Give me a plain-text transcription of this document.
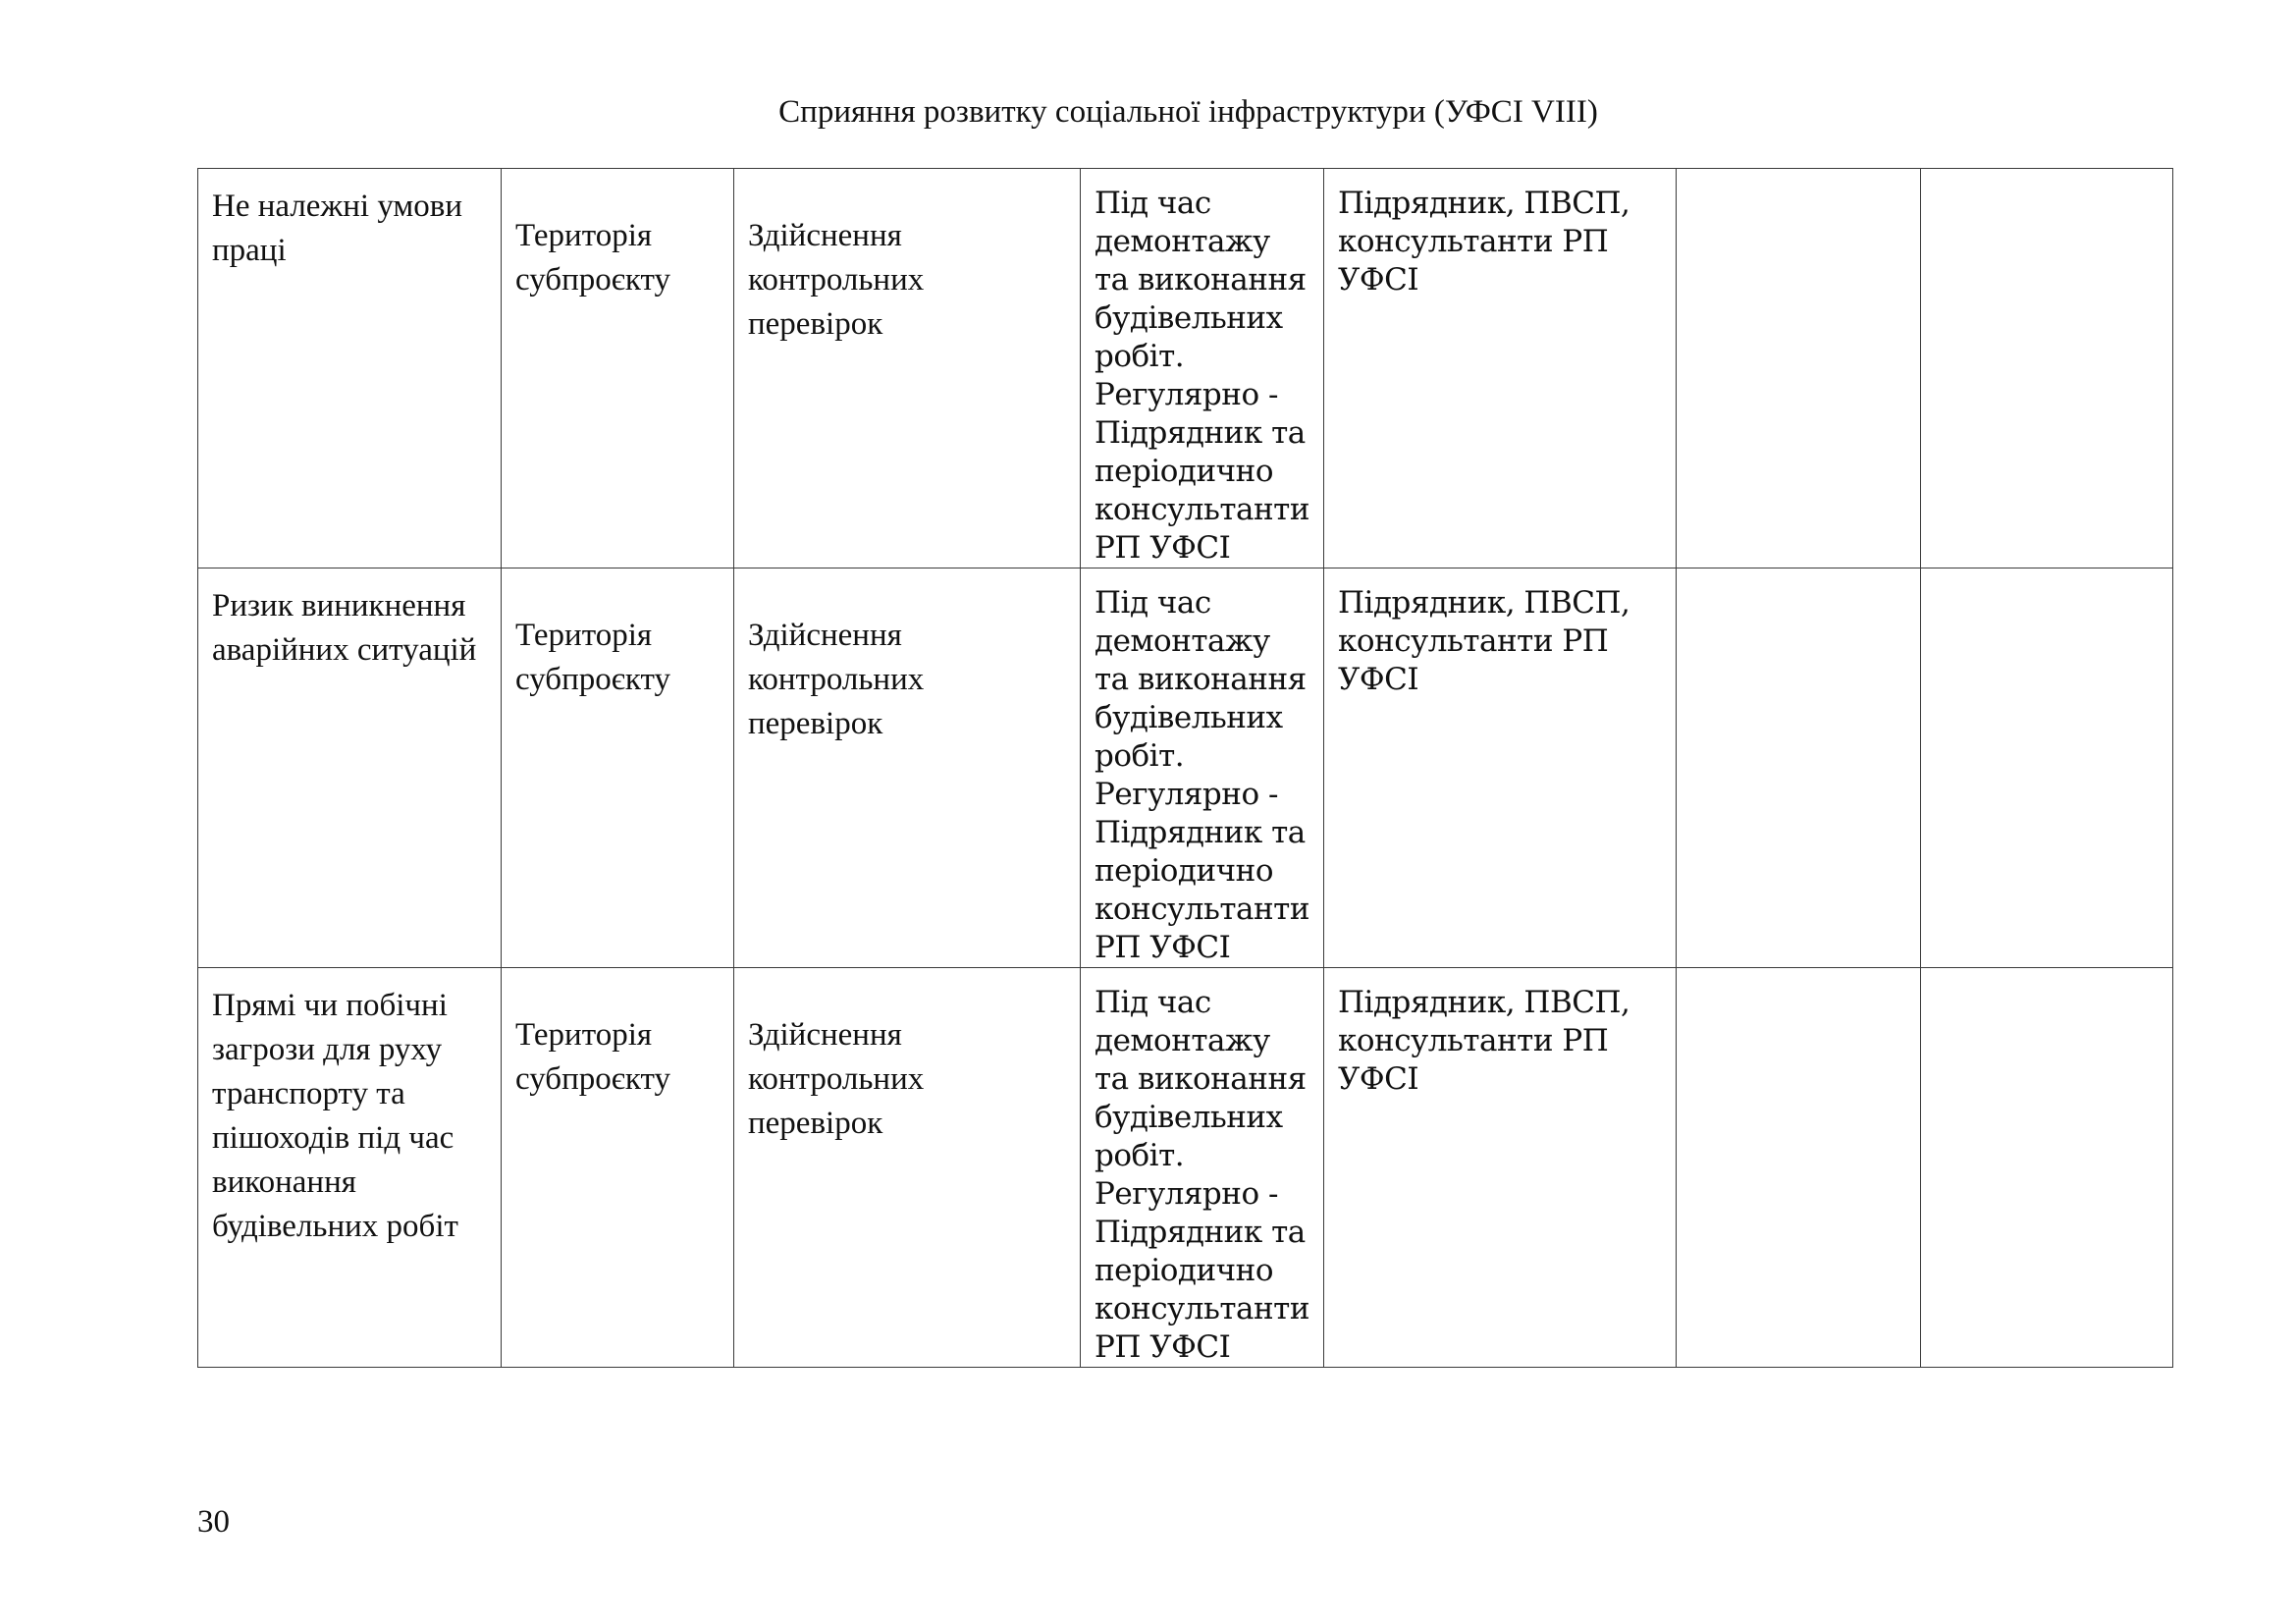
Сприяння розвитку соціальної інфраструктури (УФСІ VIII)
Не належні умови праці	Територія субпроєкту	Здійснення контрольних перевірок	Під час демонтажу та виконання будівельних робіт. Регулярно - Підрядник та періодично консультанти РП УФСІ	Підрядник, ПВСП, консультанти РП УФСІ		

Ризик виникнення аварійних ситуацій	Територія субпроєкту	Здійснення контрольних перевірок	Під час демонтажу та виконання будівельних робіт. Регулярно - Підрядник та періодично консультанти РП УФСІ	Підрядник, ПВСП, консультанти РП УФСІ		

Прямі чи побічні загрози для руху транспорту та пішоходів під час виконання будівельних робіт	Територія субпроєкту	Здійснення контрольних перевірок	Під час демонтажу та виконання будівельних робіт. Регулярно - Підрядник та періодично консультанти РП УФСІ	Підрядник, ПВСП, консультанти РП УФСІ		
30
